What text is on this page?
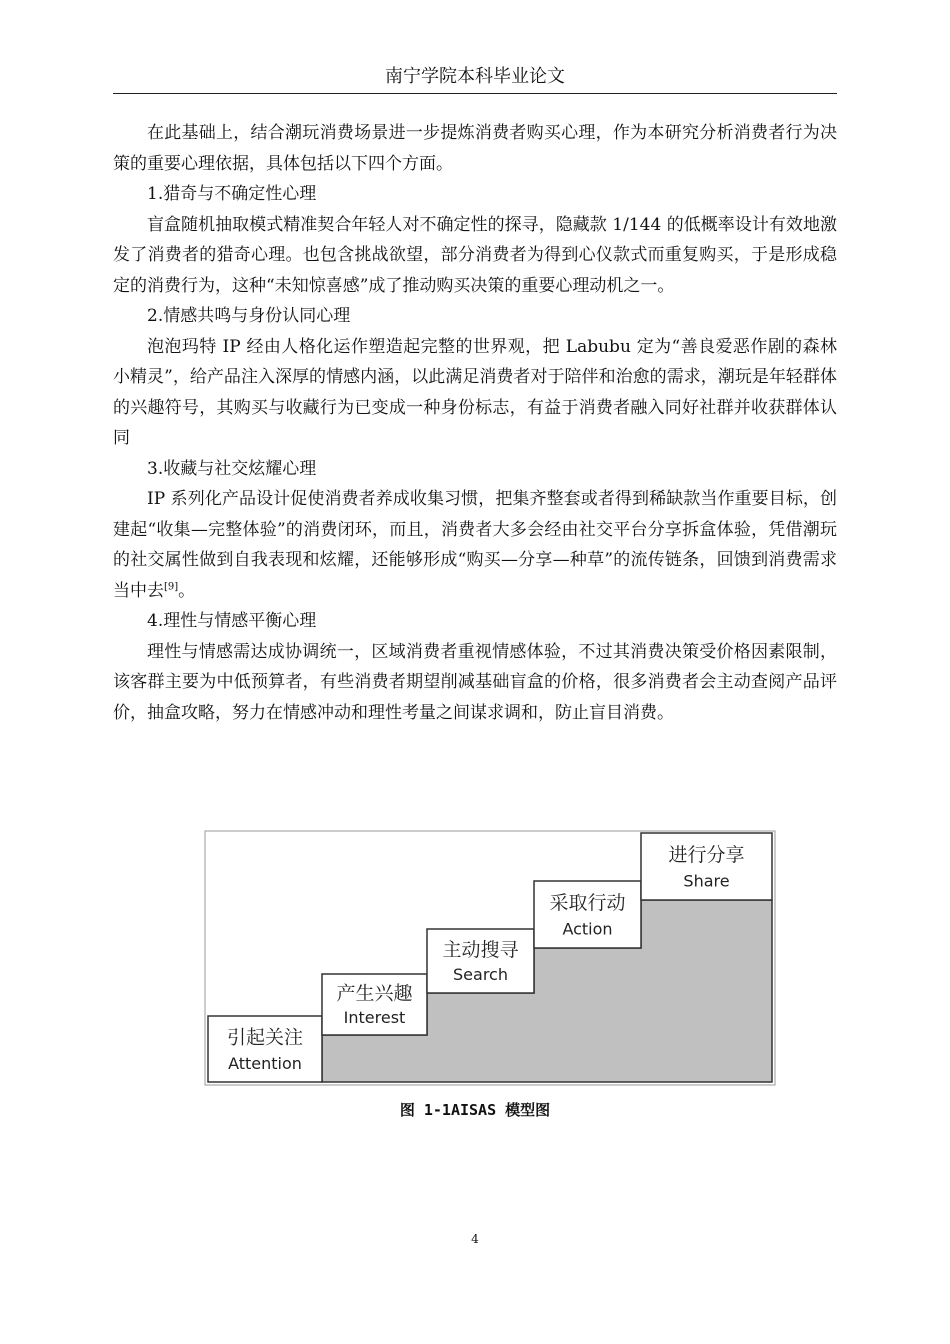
南宁学院本科毕业论文

在此基础上，结合潮玩消费场景进一步提炼消费者购买心理，作为本研究分析消费者行为决策的重要心理依据，具体包括以下四个方面。

1.猎奇与不确定性心理

盲盒随机抽取模式精准契合年轻人对不确定性的探寻，隐藏款 1/144 的低概率设计有效地激发了消费者的猎奇心理。也包含挑战欲望，部分消费者为得到心仪款式而重复购买，于是形成稳定的消费行为，这种“未知惊喜感”成了推动购买决策的重要心理动机之一。

2.情感共鸣与身份认同心理

泡泡玛特 IP 经由人格化运作塑造起完整的世界观，把 Labubu 定为“善良爱恶作剧的森林小精灵”，给产品注入深厚的情感内涵，以此满足消费者对于陪伴和治愈的需求，潮玩是年轻群体的兴趣符号，其购买与收藏行为已变成一种身份标志，有益于消费者融入同好社群并收获群体认同

3.收藏与社交炫耀心理

IP 系列化产品设计促使消费者养成收集习惯，把集齐整套或者得到稀缺款当作重要目标，创建起“收集—完整体验”的消费闭环，而且，消费者大多会经由社交平台分享拆盒体验，凭借潮玩的社交属性做到自我表现和炫耀，还能够形成“购买—分享—种草”的流传链条，回馈到消费需求当中去[9]。

4.理性与情感平衡心理

理性与情感需达成协调统一，区域消费者重视情感体验，不过其消费决策受价格因素限制，该客群主要为中低预算者，有些消费者期望削减基础盲盒的价格，很多消费者会主动查阅产品评价，抽盒攻略，努力在情感冲动和理性考量之间谋求调和，防止盲目消费。

引起关注
Attention
产生兴趣
Interest
主动搜寻
Search
采取行动
Action
进行分享
Share
图 1-1AISAS 模型图
4
